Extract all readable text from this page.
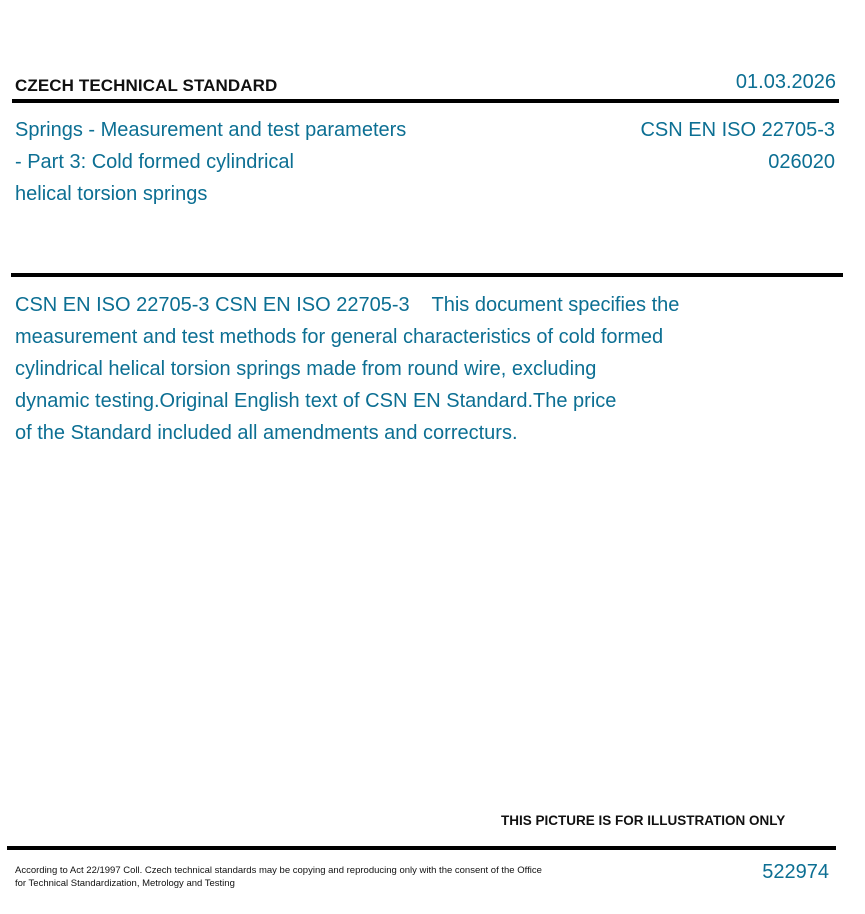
CZECH TECHNICAL STANDARD	01.03.2026
Springs - Measurement and test parameters
- Part 3: Cold formed cylindrical
helical torsion springs
CSN EN ISO 22705-3
026020
CSN EN ISO 22705-3 CSN EN ISO 22705-3    This document specifies the
measurement and test methods for general characteristics of cold formed
cylindrical helical torsion springs made from round wire, excluding
dynamic testing.Original English text of CSN EN Standard.The price
of the Standard included all amendments and correcturs.
THIS PICTURE IS FOR ILLUSTRATION ONLY
According to Act 22/1997 Coll. Czech technical standards may be copying and reproducing only with the consent of the Office
for Technical Standardization, Metrology and Testing
522974
